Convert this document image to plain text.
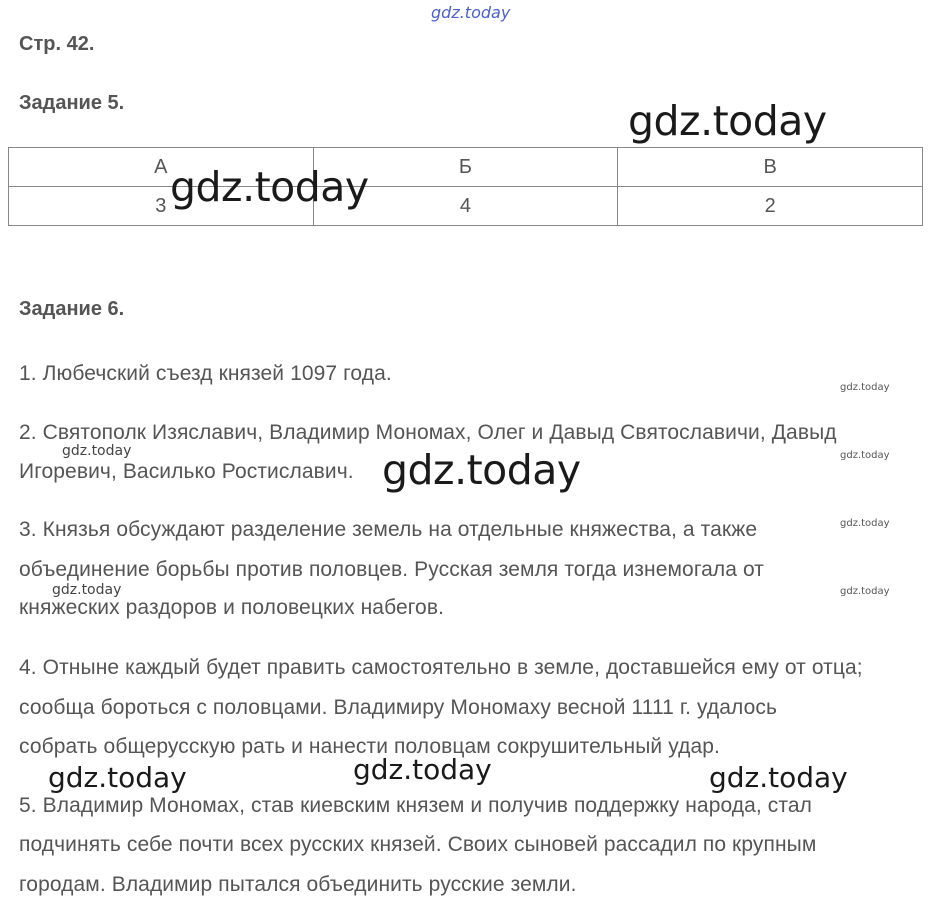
gdz.today
Стр. 42.
Задание 5.
А	Б	В
3	4	2
Задание 6.
1. Любечский съезд князей 1097 года.
2. Святополк Изяславич, Владимир Мономах, Олег и Давыд Святославичи, Давыд
Игоревич, Василько Ростиславич.
3. Князья обсуждают разделение земель на отдельные княжества, а также
объединение борьбы против половцев. Русская земля тогда изнемогала от
княжеских раздоров и половецких набегов.
4. Отныне каждый будет править самостоятельно в земле, доставшейся ему от отца;
сообща бороться с половцами. Владимиру Мономаху весной 1111 г. удалось
собрать общерусскую рать и нанести половцам сокрушительный удар.
5. Владимир Мономах, став киевским князем и получив поддержку народа, стал
подчинять себе почти всех русских князей. Своих сыновей рассадил по крупным
городам. Владимир пытался объединить русские земли.
gdz.today
gdz.today
gdz.today
gdz.today	gdz.today	gdz.today
gdz.today
gdz.today
gdz.today
gdz.today
gdz.today
gdz.today
